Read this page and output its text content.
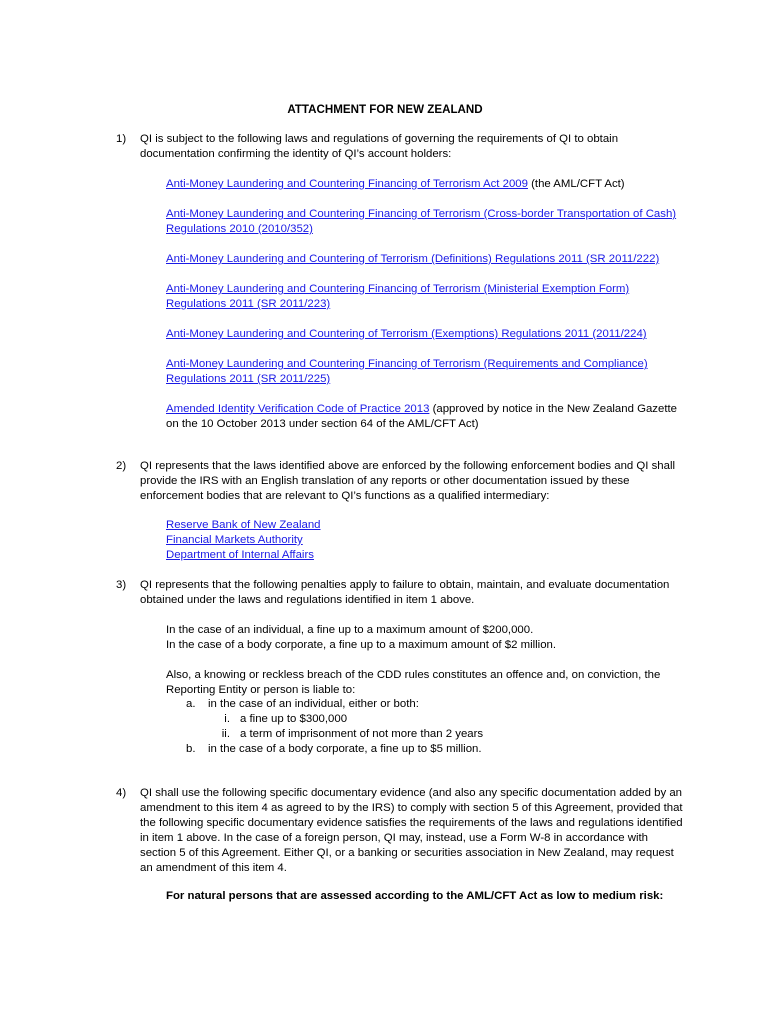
ATTACHMENT FOR NEW ZEALAND
1) QI is subject to the following laws and regulations of governing the requirements of QI to obtain documentation confirming the identity of QI’s account holders:
Anti-Money Laundering and Countering Financing of Terrorism Act 2009 (the AML/CFT Act)
Anti-Money Laundering and Countering Financing of Terrorism (Cross-border Transportation of Cash) Regulations 2010 (2010/352)
Anti-Money Laundering and Countering of Terrorism (Definitions) Regulations 2011 (SR 2011/222)
Anti-Money Laundering and Countering Financing of Terrorism (Ministerial Exemption Form) Regulations 2011 (SR 2011/223)
Anti-Money Laundering and Countering of Terrorism (Exemptions) Regulations 2011 (2011/224)
Anti-Money Laundering and Countering Financing of Terrorism (Requirements and Compliance) Regulations 2011 (SR 2011/225)
Amended Identity Verification Code of Practice 2013 (approved by notice in the New Zealand Gazette on the 10 October 2013 under section 64 of the AML/CFT Act)
2) QI represents that the laws identified above are enforced by the following enforcement bodies and QI shall provide the IRS with an English translation of any reports or other documentation issued by these enforcement bodies that are relevant to QI’s functions as a qualified intermediary:
Reserve Bank of New Zealand
Financial Markets Authority
Department of Internal Affairs
3) QI represents that the following penalties apply to failure to obtain, maintain, and evaluate documentation obtained under the laws and regulations identified in item 1 above.
In the case of an individual, a fine up to a maximum amount of $200,000.
In the case of a body corporate, a fine up to a maximum amount of $2 million.
Also, a knowing or reckless breach of the CDD rules constitutes an offence and, on conviction, the Reporting Entity or person is liable to:
a. in the case of an individual, either or both:
i. a fine up to $300,000
ii. a term of imprisonment of not more than 2 years
b. in the case of a body corporate, a fine up to $5 million.
4) QI shall use the following specific documentary evidence (and also any specific documentation added by an amendment to this item 4 as agreed to by the IRS) to comply with section 5 of this Agreement, provided that the following specific documentary evidence satisfies the requirements of the laws and regulations identified in item 1 above. In the case of a foreign person, QI may, instead, use a Form W-8 in accordance with section 5 of this Agreement. Either QI, or a banking or securities association in New Zealand, may request an amendment of this item 4.
For natural persons that are assessed according to the AML/CFT Act as low to medium risk:
